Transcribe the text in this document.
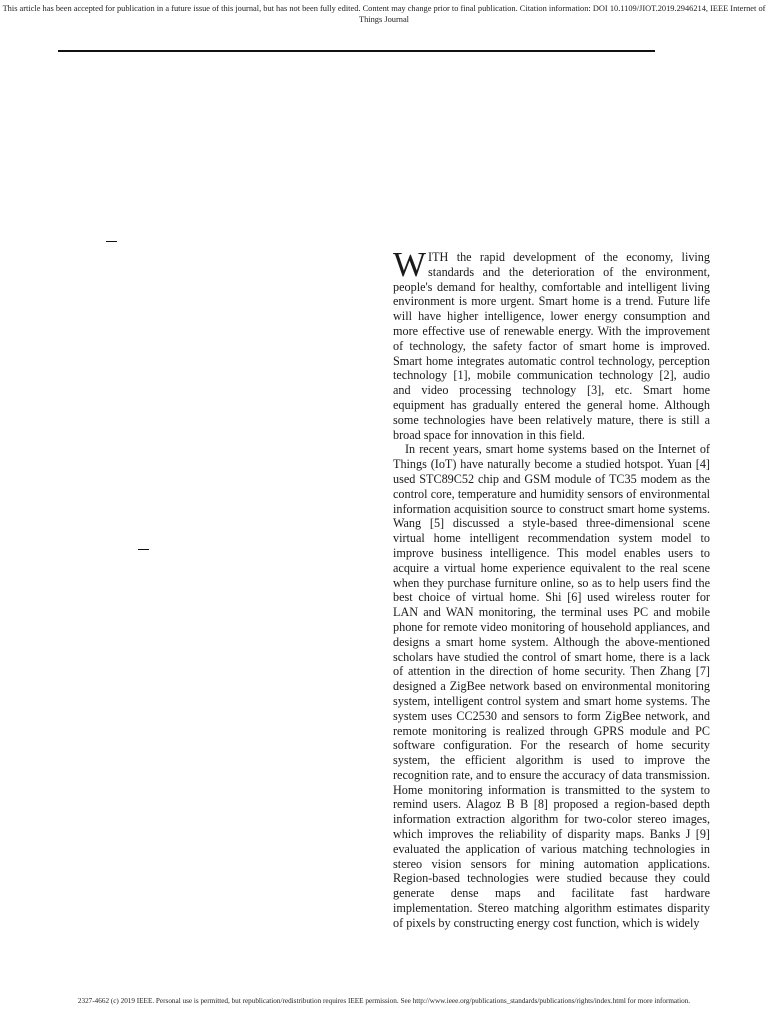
This article has been accepted for publication in a future issue of this journal, but has not been fully edited. Content may change prior to final publication. Citation information: DOI 10.1109/JIOT.2019.2946214, IEEE Internet of
Things Journal

WITH the rapid development of the economy, living standards and the deterioration of the environment, people's demand for healthy, comfortable and intelligent living environment is more urgent. Smart home is a trend. Future life will have higher intelligence, lower energy consumption and more effective use of renewable energy. With the improvement of technology, the safety factor of smart home is improved. Smart home integrates automatic control technology, perception technology [1], mobile communication technology [2], audio and video processing technology [3], etc. Smart home equipment has gradually entered the general home. Although some technologies have been relatively mature, there is still a broad space for innovation in this field.

In recent years, smart home systems based on the Internet of Things (IoT) have naturally become a studied hotspot. Yuan [4] used STC89C52 chip and GSM module of TC35 modem as the control core, temperature and humidity sensors of environmental information acquisition source to construct smart home systems. Wang [5] discussed a style-based three-dimensional scene virtual home intelligent recommendation system model to improve business intelligence. This model enables users to acquire a virtual home experience equivalent to the real scene when they purchase furniture online, so as to help users find the best choice of virtual home. Shi [6] used wireless router for LAN and WAN monitoring, the terminal uses PC and mobile phone for remote video monitoring of household appliances, and designs a smart home system. Although the above-mentioned scholars have studied the control of smart home, there is a lack of attention in the direction of home security. Then Zhang [7] designed a ZigBee network based on environmental monitoring system, intelligent control system and smart home systems. The system uses CC2530 and sensors to form ZigBee network, and remote monitoring is realized through GPRS module and PC software configuration. For the research of home security system, the efficient algorithm is used to improve the recognition rate, and to ensure the accuracy of data transmission. Home monitoring information is transmitted to the system to remind users. Alagoz B B [8] proposed a region-based depth information extraction algorithm for two-color stereo images, which improves the reliability of disparity maps. Banks J [9] evaluated the application of various matching technologies in stereo vision sensors for mining automation applications. Region-based technologies were studied because they could generate dense maps and facilitate fast hardware implementation. Stereo matching algorithm estimates disparity of pixels by constructing energy cost function, which is widely

2327-4662 (c) 2019 IEEE. Personal use is permitted, but republication/redistribution requires IEEE permission. See http://www.ieee.org/publications_standards/publications/rights/index.html for more information.
